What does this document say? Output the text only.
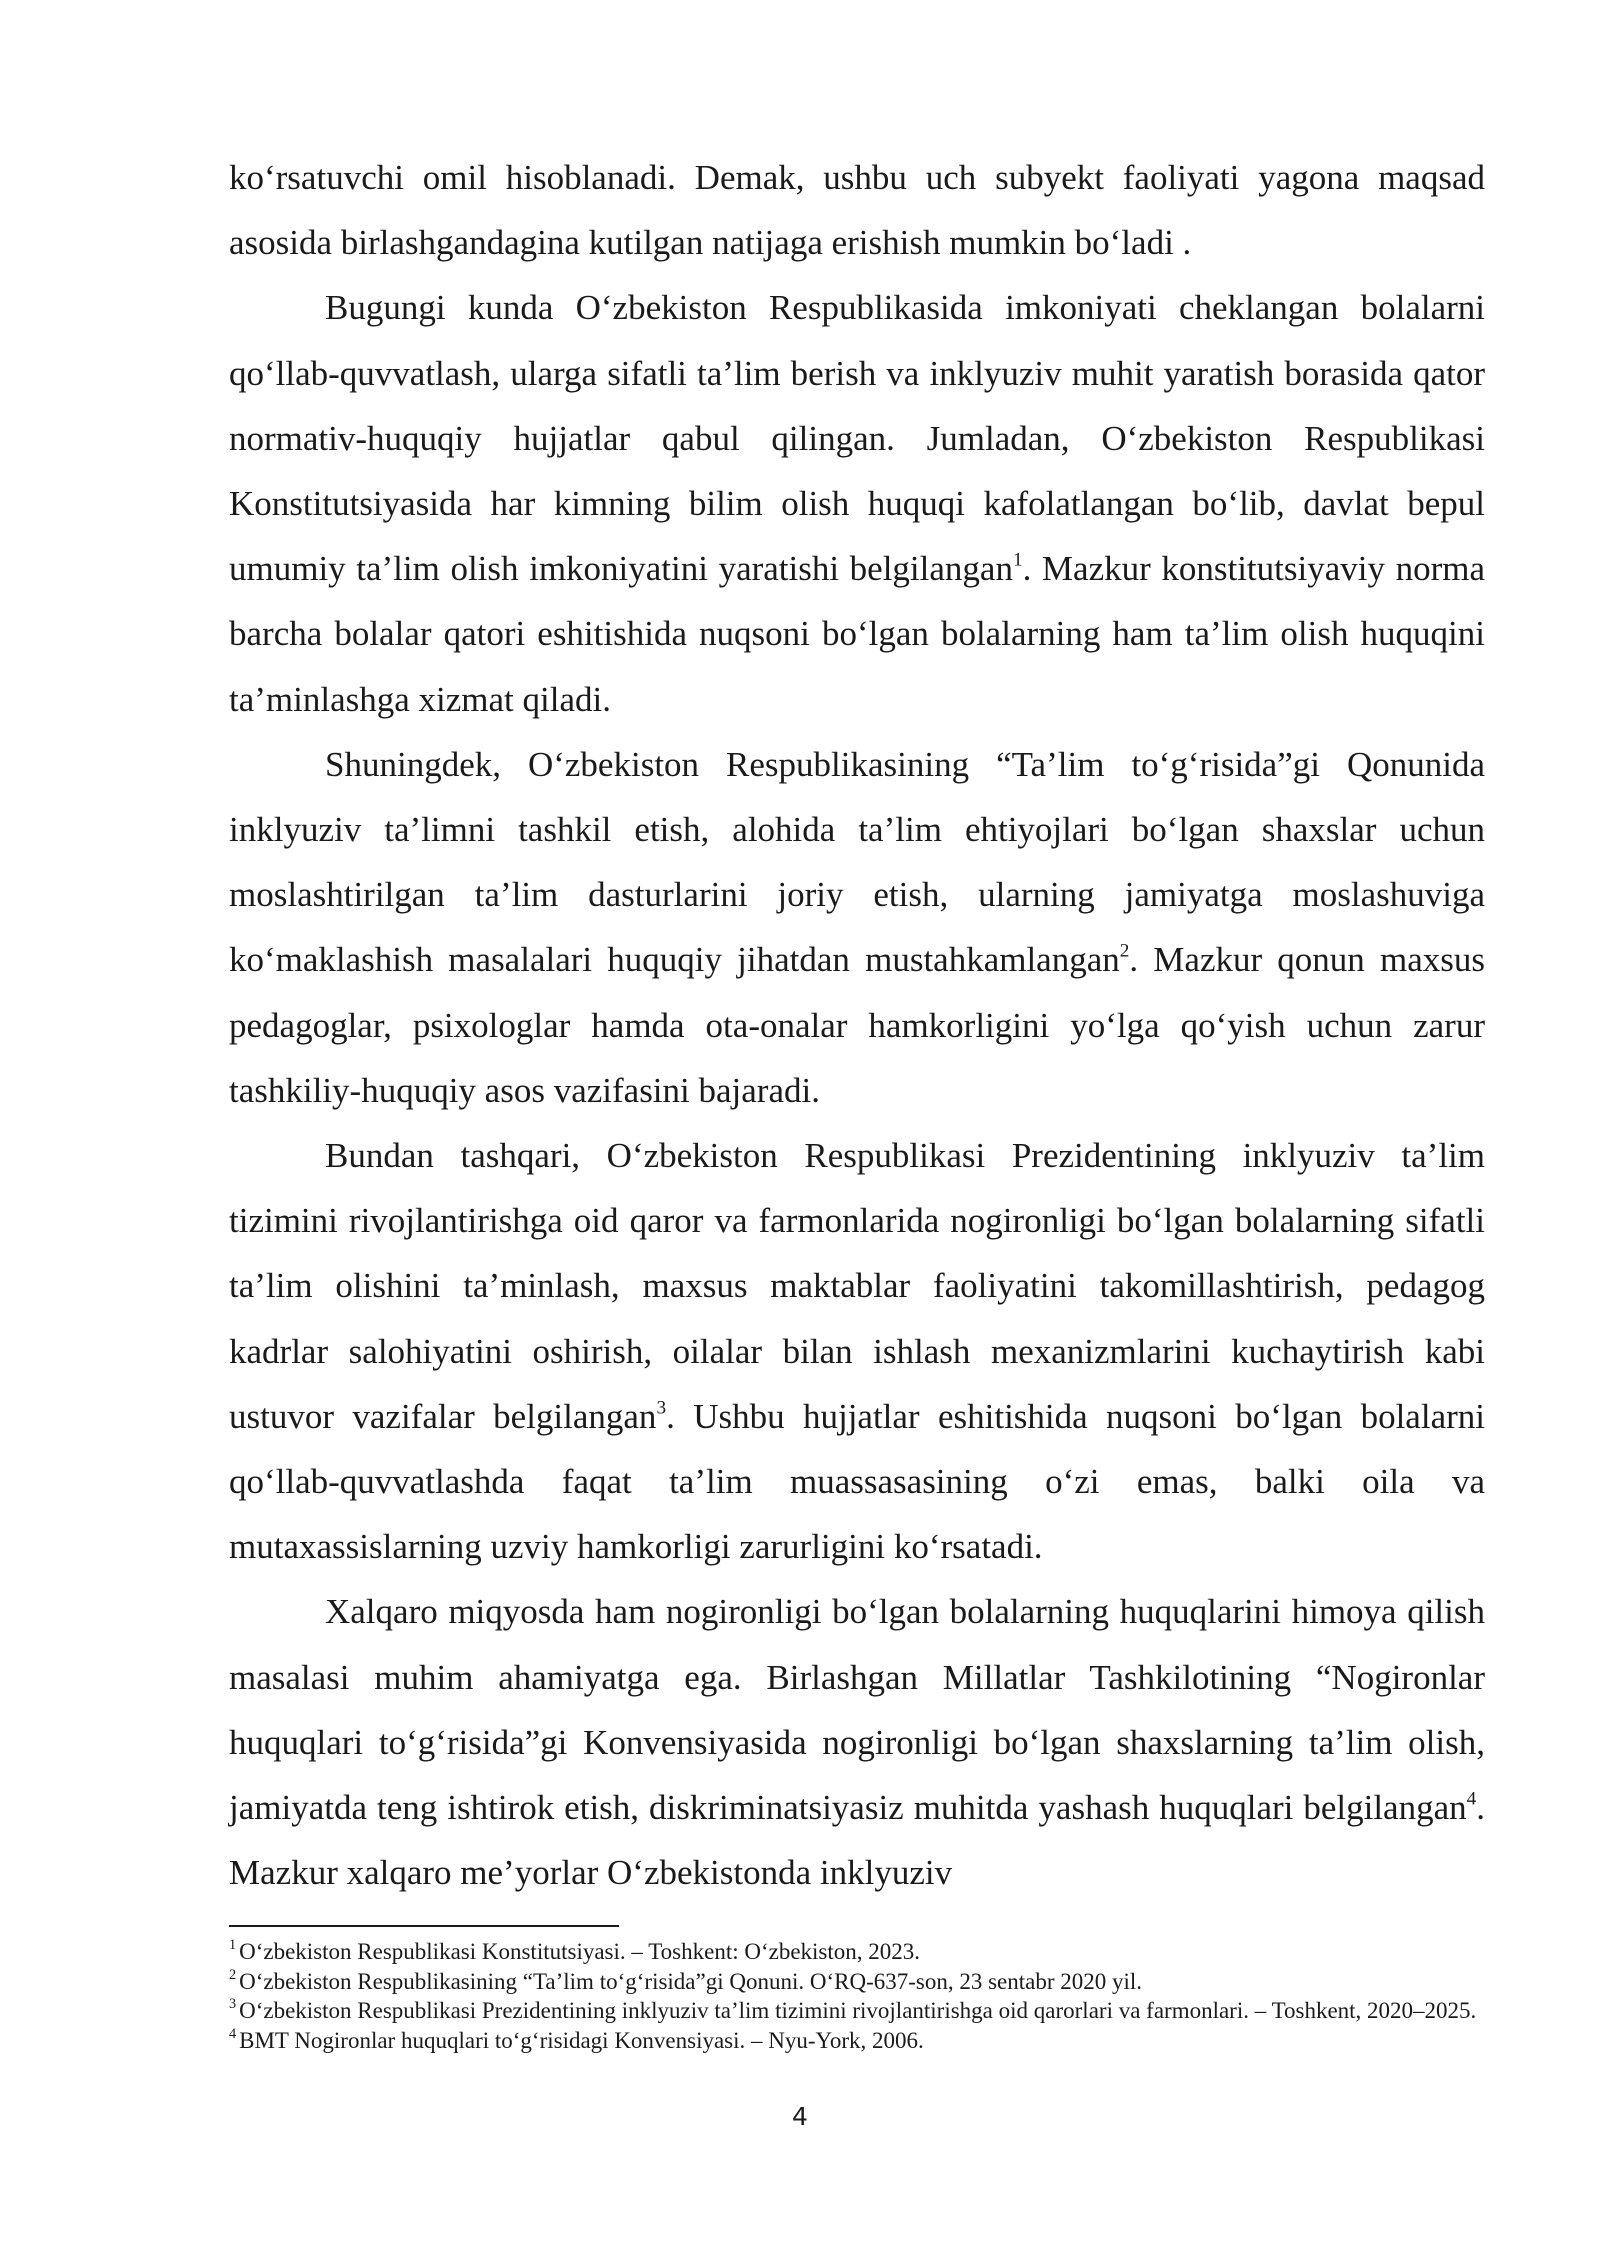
ko‘rsatuvchi omil hisoblanadi. Demak, ushbu uch subyekt faoliyati yagona maqsad asosida birlashgandagina kutilgan natijaga erishish mumkin bo‘ladi .

Bugungi kunda O‘zbekiston Respublikasida imkoniyati cheklangan bolalarni qo‘llab-quvvatlash, ularga sifatli ta’lim berish va inklyuziv muhit yaratish borasida qator normativ-huquqiy hujjatlar qabul qilingan. Jumladan, O‘zbekiston Respublikasi Konstitutsiyasida har kimning bilim olish huquqi kafolatlangan bo‘lib, davlat bepul umumiy ta’lim olish imkoniyatini yaratishi belgilangan$^1$. Mazkur konstitutsiyaviy norma barcha bolalar qatori eshitishida nuqsoni bo‘lgan bolalarning ham ta’lim olish huquqini ta’minlashga xizmat qiladi.

Shuningdek, O‘zbekiston Respublikasining “Ta’lim to‘g‘risida”gi Qonunida inklyuziv ta’limni tashkil etish, alohida ta’lim ehtiyojlari bo‘lgan shaxslar uchun moslashtirilgan ta’lim dasturlarini joriy etish, ularning jamiyatga moslashuviga ko‘maklashish masalalari huquqiy jihatdan mustahkamlangan$^2$. Mazkur qonun maxsus pedagoglar, psixologlar hamda ota-onalar hamkorligini yo‘lga qo‘yish uchun zarur tashkiliy-huquqiy asos vazifasini bajaradi.

Bundan tashqari, O‘zbekiston Respublikasi Prezidentining inklyuziv ta’lim tizimini rivojlantirishga oid qaror va farmonlarida nogironligi bo‘lgan bolalarning sifatli ta’lim olishini ta’minlash, maxsus maktablar faoliyatini takomillashtirish, pedagog kadrlar salohiyatini oshirish, oilalar bilan ishlash mexanizmlarini kuchaytirish kabi ustuvor vazifalar belgilangan$^3$. Ushbu hujjatlar eshitishida nuqsoni bo‘lgan bolalarni qo‘llab-quvvatlashda faqat ta’lim muassasasining o‘zi emas, balki oila va mutaxassislarning uzviy hamkorligi zarurligini ko‘rsatadi.

Xalqaro miqyosda ham nogironligi bo‘lgan bolalarning huquqlarini himoya qilish masalasi muhim ahamiyatga ega. Birlashgan Millatlar Tashkilotining “Nogironlar huquqlari to‘g‘risida”gi Konvensiyasida nogironligi bo‘lgan shaxslarning ta’lim olish, jamiyatda teng ishtirok etish, diskriminatsiyasiz muhitda yashash huquqlari belgilangan$^4$. Mazkur xalqaro me’yorlar O‘zbekistonda inklyuziv

$^1$ O‘zbekiston Respublikasi Konstitutsiyasi. – Toshkent: O‘zbekiston, 2023.
$^2$ O‘zbekiston Respublikasining “Ta’lim to‘g‘risida”gi Qonuni. O‘RQ-637-son, 23 sentabr 2020 yil.
$^3$ O‘zbekiston Respublikasi Prezidentining inklyuziv ta’lim tizimini rivojlantirishga oid qarorlari va farmonlari. – Toshkent, 2020–2025.
$^4$ BMT Nogironlar huquqlari to‘g‘risidagi Konvensiyasi. – Nyu-York, 2006.
4
